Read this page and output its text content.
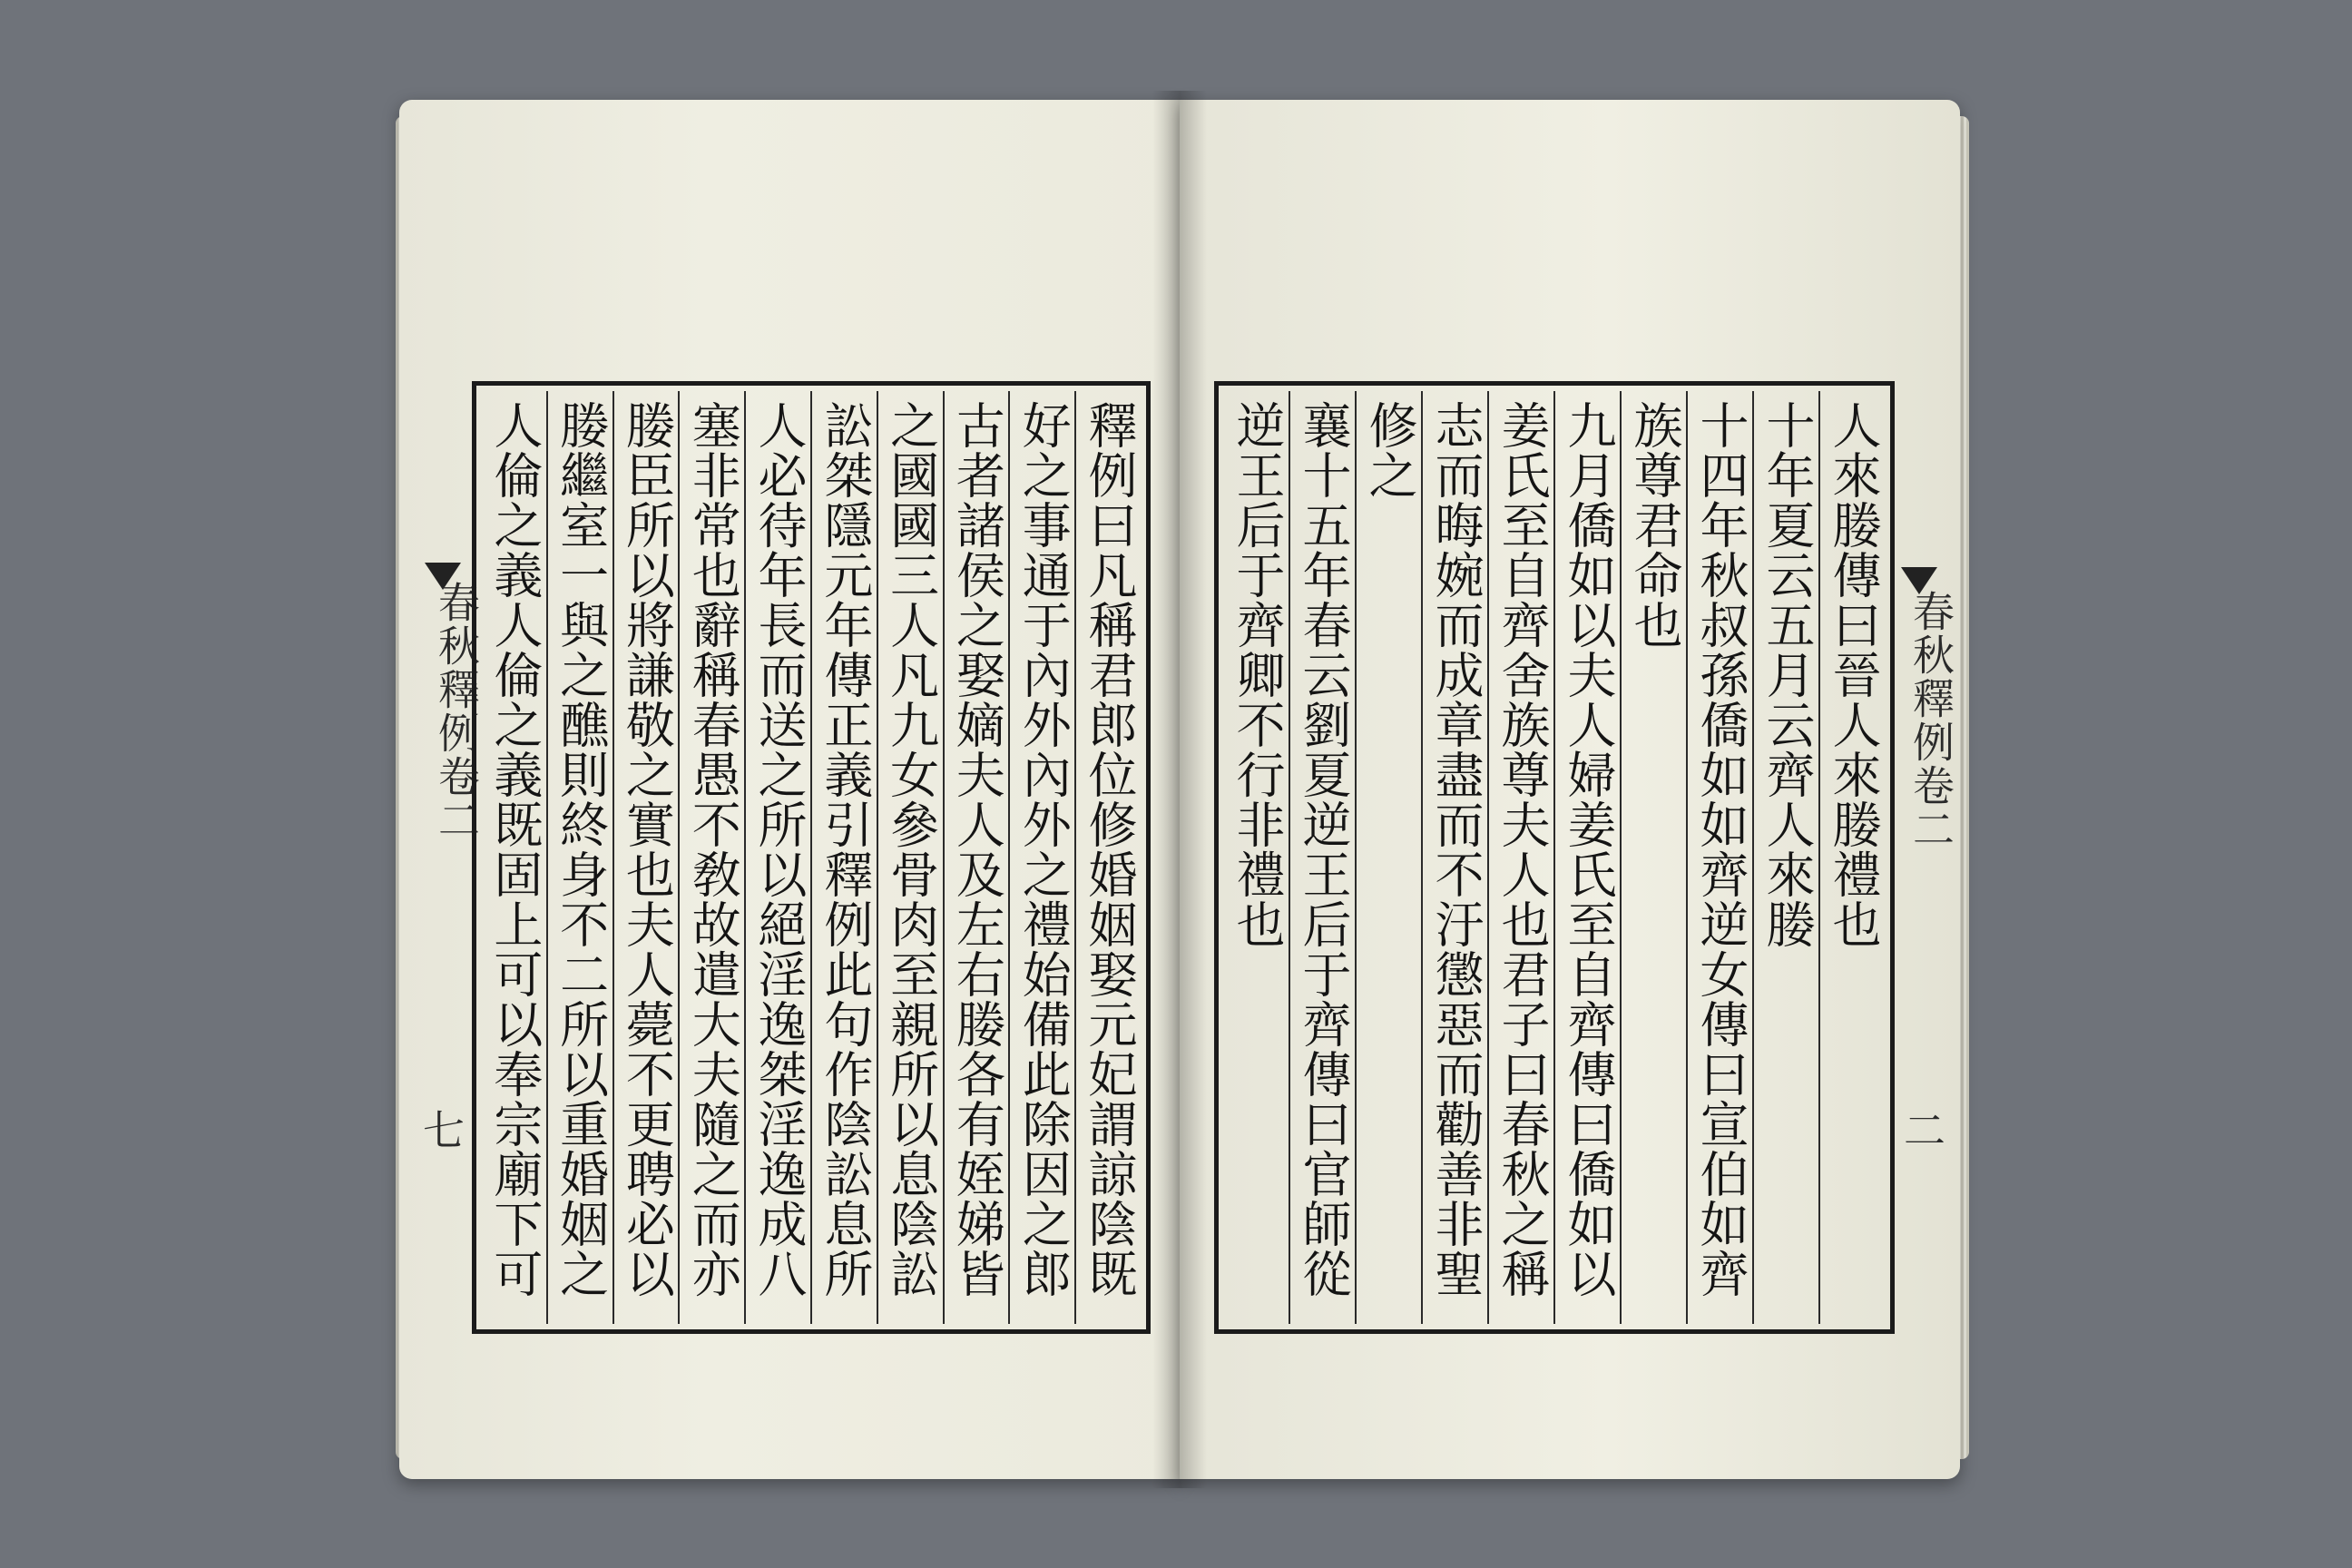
春秋釋例卷二
七
春秋釋例卷二
二
釋例曰凡稱君郎位修婚姻娶元妃謂諒陰既
好之事通于內外內外之禮始備此除因之郎
古者諸侯之娶嫡夫人及左右媵各有姪娣皆
之國國三人凡九女參骨肉至親所以息陰訟
訟桀隱元年傳正義引釋例此句作陰訟息所
人必待年長而送之所以絕淫逸桀淫逸成八
塞非常也辭稱春愚不敎故遣大夫隨之而亦
媵臣所以將謙敬之實也夫人薨不更聘必以
媵繼室一與之醮則終身不二所以重婚姻之
人倫之義人倫之義既固上可以奉宗廟下可
人來媵傳曰晉人來媵禮也
十年夏云五月云齊人來媵
十四年秋叔孫僑如如齊逆女傳曰宣伯如齊
族尊君命也
九月僑如以夫人婦姜氏至自齊傳曰僑如以
姜氏至自齊舍族尊夫人也君子曰春秋之稱
志而晦婉而成章盡而不汙懲惡而勸善非聖
修之
襄十五年春云劉夏逆王后于齊傳曰官師從
逆王后于齊卿不行非禮也
